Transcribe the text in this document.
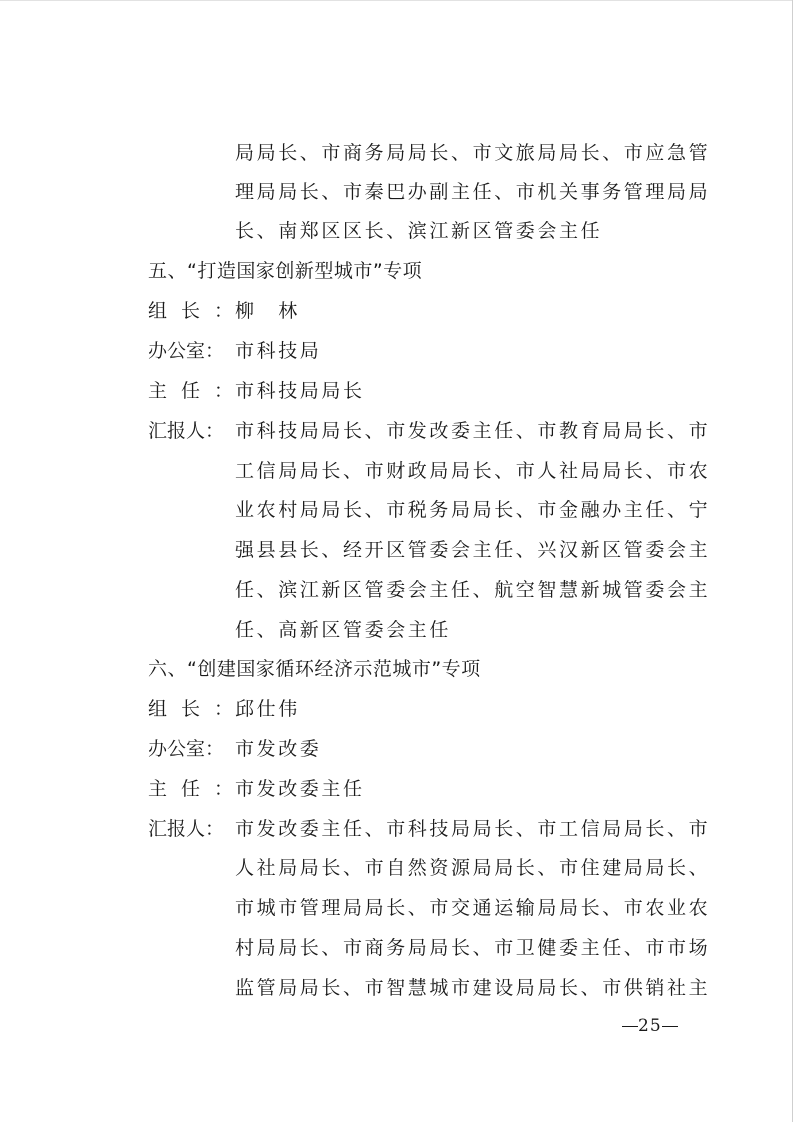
局局长、市商务局局长、市文旅局局长、市应急管
理局局长、市秦巴办副主任、市机关事务管理局局
长、南郑区区长、滨江新区管委会主任
五、“打造国家创新型城市”专项
组长：
柳　林
办公室： 市科技局
主任：
市科技局局长
汇报人： 市科技局局长、市发改委主任、市教育局局长、市
工信局局长、市财政局局长、市人社局局长、市农
业农村局局长、市税务局局长、市金融办主任、宁
强县县长、经开区管委会主任、兴汉新区管委会主
任、滨江新区管委会主任、航空智慧新城管委会主
任、高新区管委会主任
六、“创建国家循环经济示范城市”专项
组长：
邱仕伟
办公室： 市发改委
主任：
市发改委主任
汇报人： 市发改委主任、市科技局局长、市工信局局长、市
人社局局长、市自然资源局局长、市住建局局长、
市城市管理局局长、市交通运输局局长、市农业农
村局局长、市商务局局长、市卫健委主任、市市场
监管局局长、市智慧城市建设局局长、市供销社主
25
